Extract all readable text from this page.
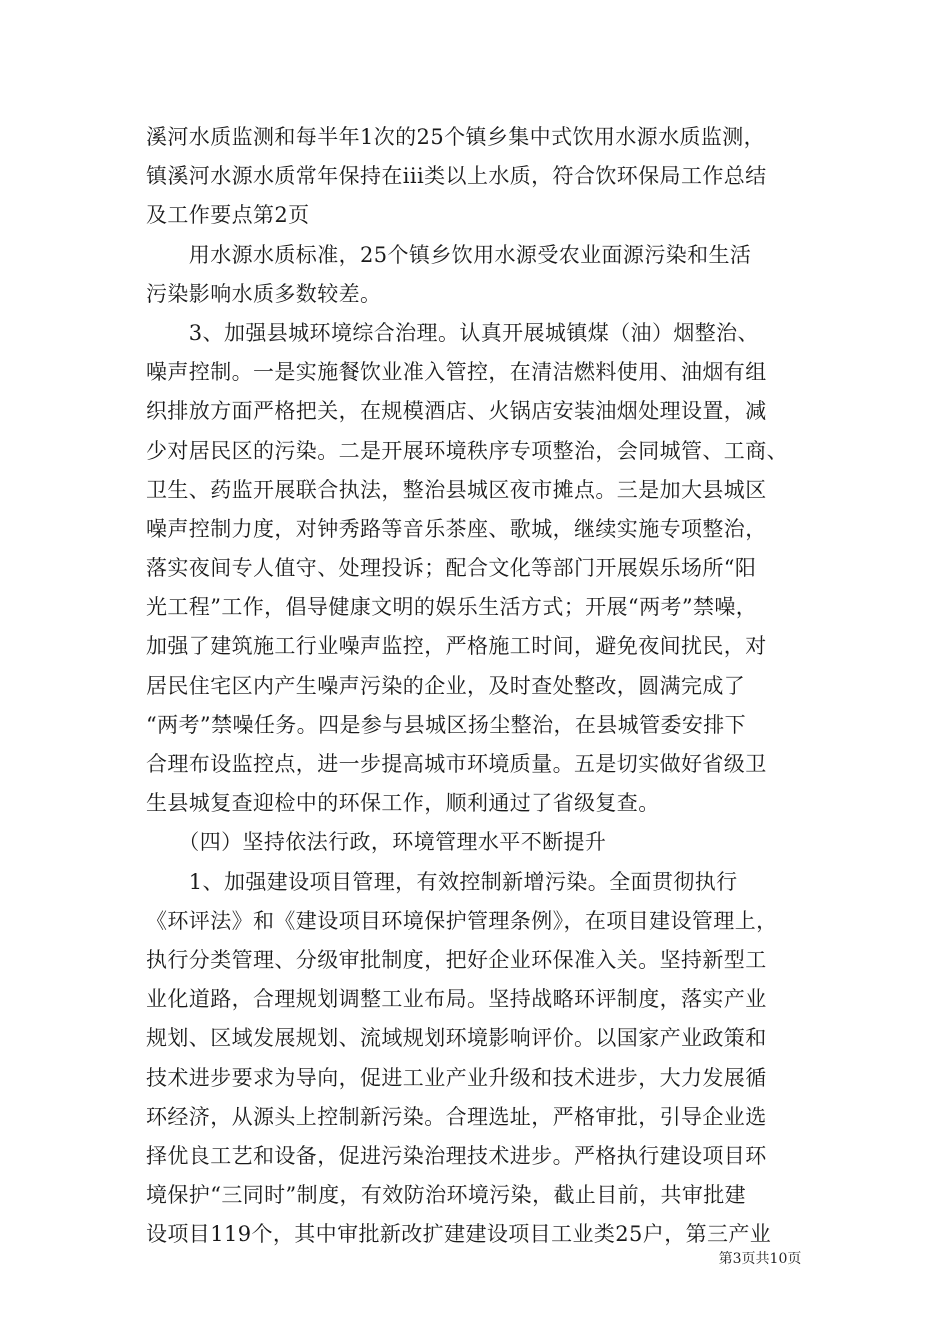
溪河水质监测和每半年1次的25个镇乡集中式饮用水源水质监测，
镇溪河水源水质常年保持在iii类以上水质，符合饮环保局工作总结
及工作要点第2页
　　用水源水质标准，25个镇乡饮用水源受农业面源污染和生活
污染影响水质多数较差。
　　3、加强县城环境综合治理。认真开展城镇煤（油）烟整治、
噪声控制。一是实施餐饮业准入管控，在清洁燃料使用、油烟有组
织排放方面严格把关，在规模酒店、火锅店安装油烟处理设置，减
少对居民区的污染。二是开展环境秩序专项整治，会同城管、工商、
卫生、药监开展联合执法，整治县城区夜市摊点。三是加大县城区
噪声控制力度，对钟秀路等音乐茶座、歌城，继续实施专项整治，
落实夜间专人值守、处理投诉；配合文化等部门开展娱乐场所“阳
光工程”工作，倡导健康文明的娱乐生活方式；开展“两考”禁噪，
加强了建筑施工行业噪声监控，严格施工时间，避免夜间扰民，对
居民住宅区内产生噪声污染的企业，及时查处整改，圆满完成了
“两考”禁噪任务。四是参与县城区扬尘整治，在县城管委安排下
合理布设监控点，进一步提高城市环境质量。五是切实做好省级卫
生县城复查迎检中的环保工作，顺利通过了省级复查。
　　（四）坚持依法行政，环境管理水平不断提升
　　1、加强建设项目管理，有效控制新增污染。全面贯彻执行
《环评法》和《建设项目环境保护管理条例》，在项目建设管理上，
执行分类管理、分级审批制度，把好企业环保准入关。坚持新型工
业化道路，合理规划调整工业布局。坚持战略环评制度，落实产业
规划、区域发展规划、流域规划环境影响评价。以国家产业政策和
技术进步要求为导向，促进工业产业升级和技术进步，大力发展循
环经济，从源头上控制新污染。合理选址，严格审批，引导企业选
择优良工艺和设备，促进污染治理技术进步。严格执行建设项目环
境保护“三同时”制度，有效防治环境污染，截止目前，共审批建
设项目119个，其中审批新改扩建建设项目工业类25户，第三产业
第3页共10页
